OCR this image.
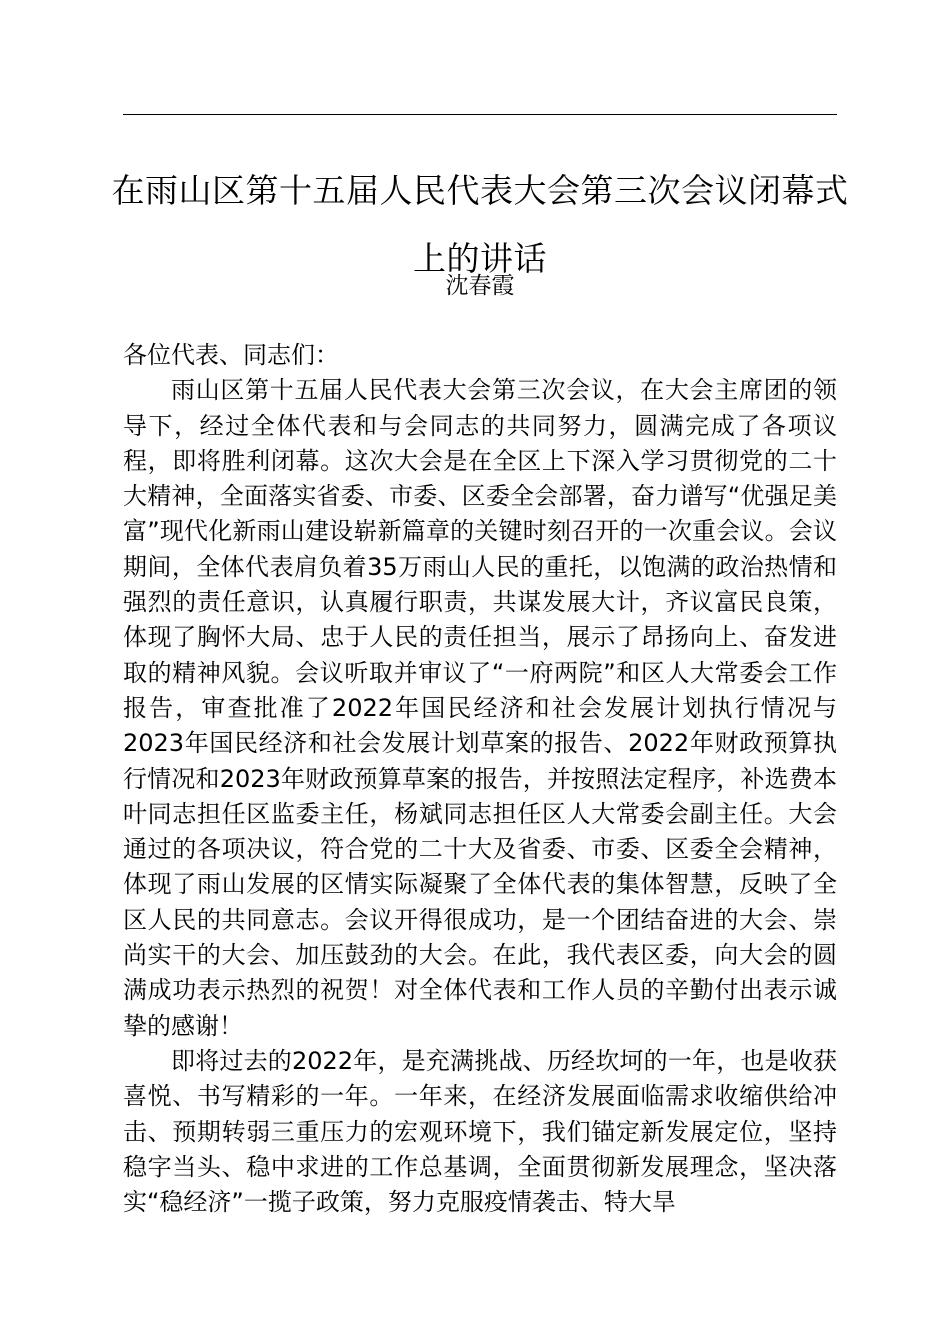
在雨山区第十五届人民代表大会第三次会议闭幕式上的讲话
沈春霞

各位代表、同志们：

雨山区第十五届人民代表大会第三次会议，在大会主席团的领导下，经过全体代表和与会同志的共同努力，圆满完成了各项议程，即将胜利闭幕。这次大会是在全区上下深入学习贯彻党的二十大精神，全面落实省委、市委、区委全会部署，奋力谱写“优强足美富”现代化新雨山建设崭新篇章的关键时刻召开的一次重会议。会议期间，全体代表肩负着35万雨山人民的重托，以饱满的政治热情和强烈的责任意识，认真履行职责，共谋发展大计，齐议富民良策，体现了胸怀大局、忠于人民的责任担当，展示了昂扬向上、奋发进取的精神风貌。会议听取并审议了“一府两院”和区人大常委会工作报告，审查批准了2022年国民经济和社会发展计划执行情况与2023年国民经济和社会发展计划草案的报告、2022年财政预算执行情况和2023年财政预算草案的报告，并按照法定程序，补选费本叶同志担任区监委主任，杨斌同志担任区人大常委会副主任。大会通过的各项决议，符合党的二十大及省委、市委、区委全会精神，体现了雨山发展的区情实际凝聚了全体代表的集体智慧，反映了全区人民的共同意志。会议开得很成功，是一个团结奋进的大会、崇尚实干的大会、加压鼓劲的大会。在此，我代表区委，向大会的圆满成功表示热烈的祝贺！对全体代表和工作人员的辛勤付出表示诚挚的感谢！

即将过去的2022年，是充满挑战、历经坎坷的一年，也是收获喜悦、书写精彩的一年。一年来，在经济发展面临需求收缩供给冲击、预期转弱三重压力的宏观环境下，我们锚定新发展定位，坚持稳字当头、稳中求进的工作总基调，全面贯彻新发展理念，坚决落实“稳经济”一揽子政策，努力克服疫情袭击、特大旱
